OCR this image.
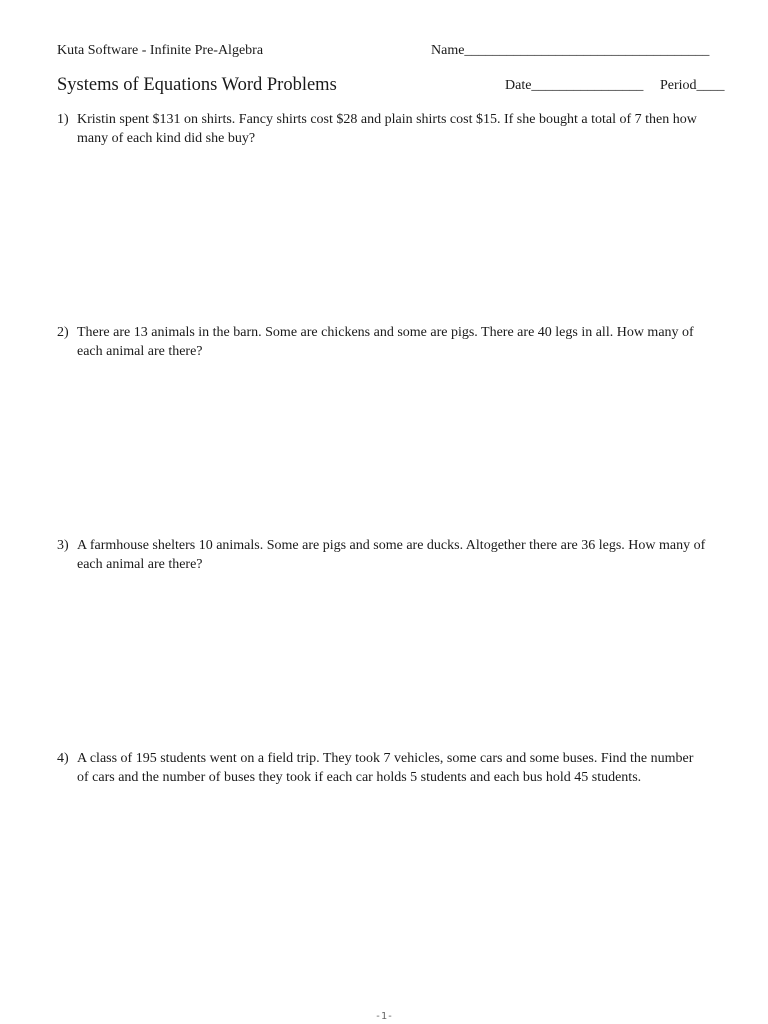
Kuta Software - Infinite Pre-Algebra	Name___________________________________
Systems of Equations Word Problems	Date________________ Period____
1) Kristin spent $131 on shirts. Fancy shirts cost $28 and plain shirts cost $15. If she bought a total of 7 then how many of each kind did she buy?
2) There are 13 animals in the barn. Some are chickens and some are pigs. There are 40 legs in all. How many of each animal are there?
3) A farmhouse shelters 10 animals. Some are pigs and some are ducks. Altogether there are 36 legs. How many of each animal are there?
4) A class of 195 students went on a field trip. They took 7 vehicles, some cars and some buses. Find the number of cars and the number of buses they took if each car holds 5 students and each bus hold 45 students.
-1-
